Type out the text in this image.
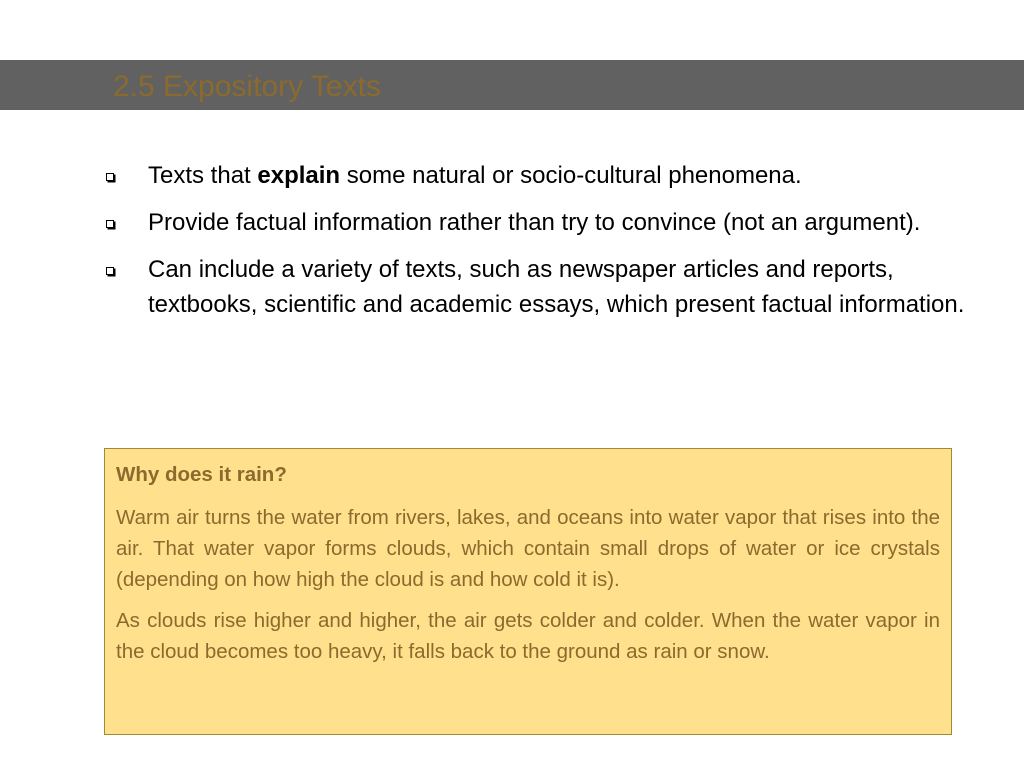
2.5 Expository Texts
Texts that explain some natural or socio-cultural phenomena.
Provide factual information rather than try to convince (not an argument).
Can include a variety of texts, such as newspaper articles and reports, textbooks, scientific and academic essays, which present factual information.

Why does it rain?

Warm air turns the water from rivers, lakes, and oceans into water vapor that rises into the air. That water vapor forms clouds, which contain small drops of water or ice crystals (depending on how high the cloud is and how cold it is).

As clouds rise higher and higher, the air gets colder and colder. When the water vapor in the cloud becomes too heavy, it falls back to the ground as rain or snow.
